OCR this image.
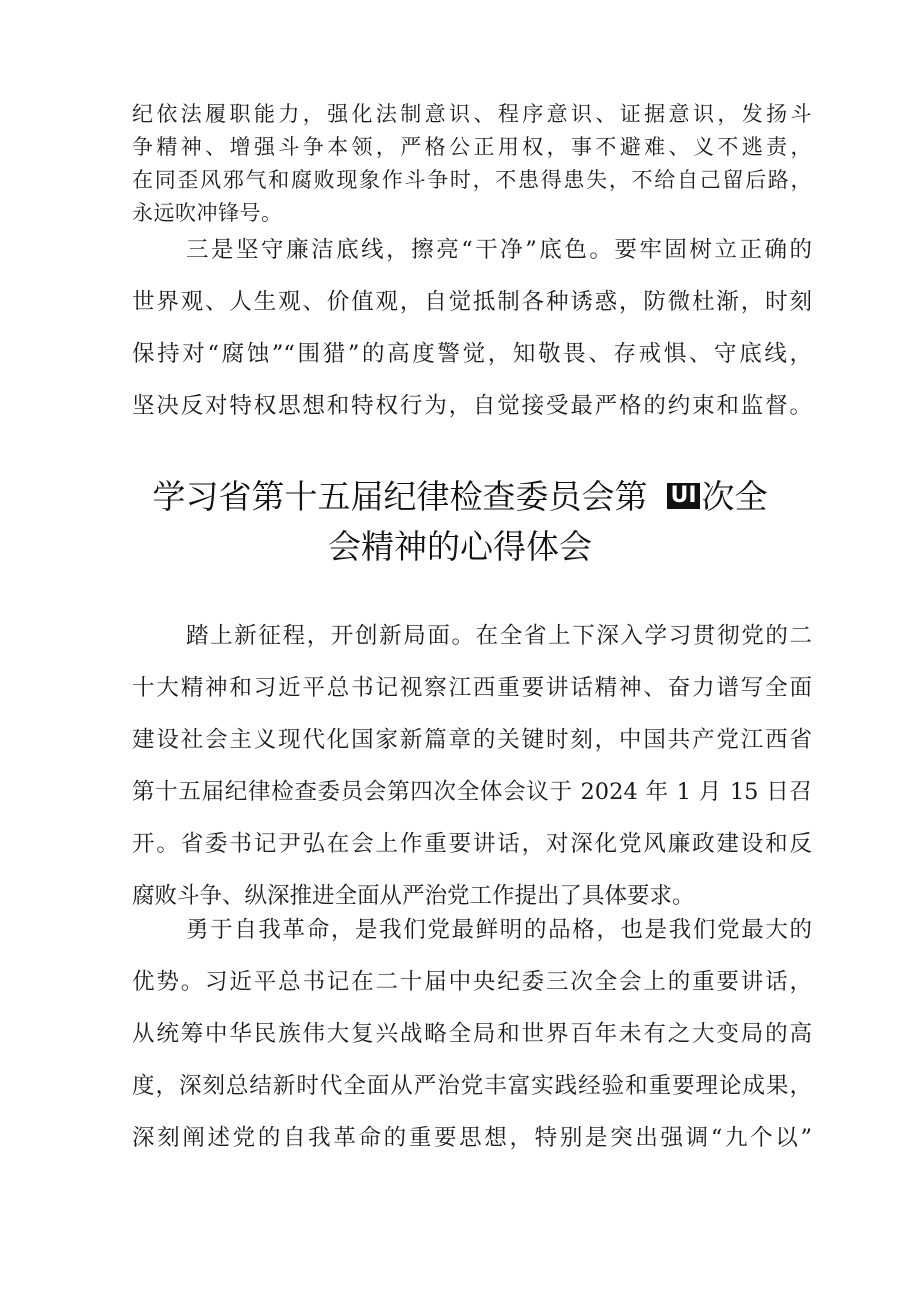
纪依法履职能力，强化法制意识、程序意识、证据意识，发扬斗
争精神、增强斗争本领，严格公正用权，事不避难、义不逃责，
在同歪风邪气和腐败现象作斗争时，不患得患失，不给自己留后路，
永远吹冲锋号。
三是坚守廉洁底线，擦亮“干净”底色。要牢固树立正确的
世界观、人生观、价值观，自觉抵制各种诱惑，防微杜渐，时刻
保持对“腐蚀”“围猎”的高度警觉，知敬畏、存戒惧、守底线，
坚决反对特权思想和特权行为，自觉接受最严格的约束和监督。
学习省第十五届纪律检查委员会第 UI 次全
会精神的心得体会
踏上新征程，开创新局面。在全省上下深入学习贯彻党的二
十大精神和习近平总书记视察江西重要讲话精神、奋力谱写全面
建设社会主义现代化国家新篇章的关键时刻，中国共产党江西省
第十五届纪律检查委员会第四次全体会议于 2024 年 1 月 15 日召
开。省委书记尹弘在会上作重要讲话，对深化党风廉政建设和反
腐败斗争、纵深推进全面从严治党工作提出了具体要求。
勇于自我革命，是我们党最鲜明的品格，也是我们党最大的
优势。习近平总书记在二十届中央纪委三次全会上的重要讲话，
从统筹中华民族伟大复兴战略全局和世界百年未有之大变局的高
度，深刻总结新时代全面从严治党丰富实践经验和重要理论成果，
深刻阐述党的自我革命的重要思想，特别是突出强调“九个以”
